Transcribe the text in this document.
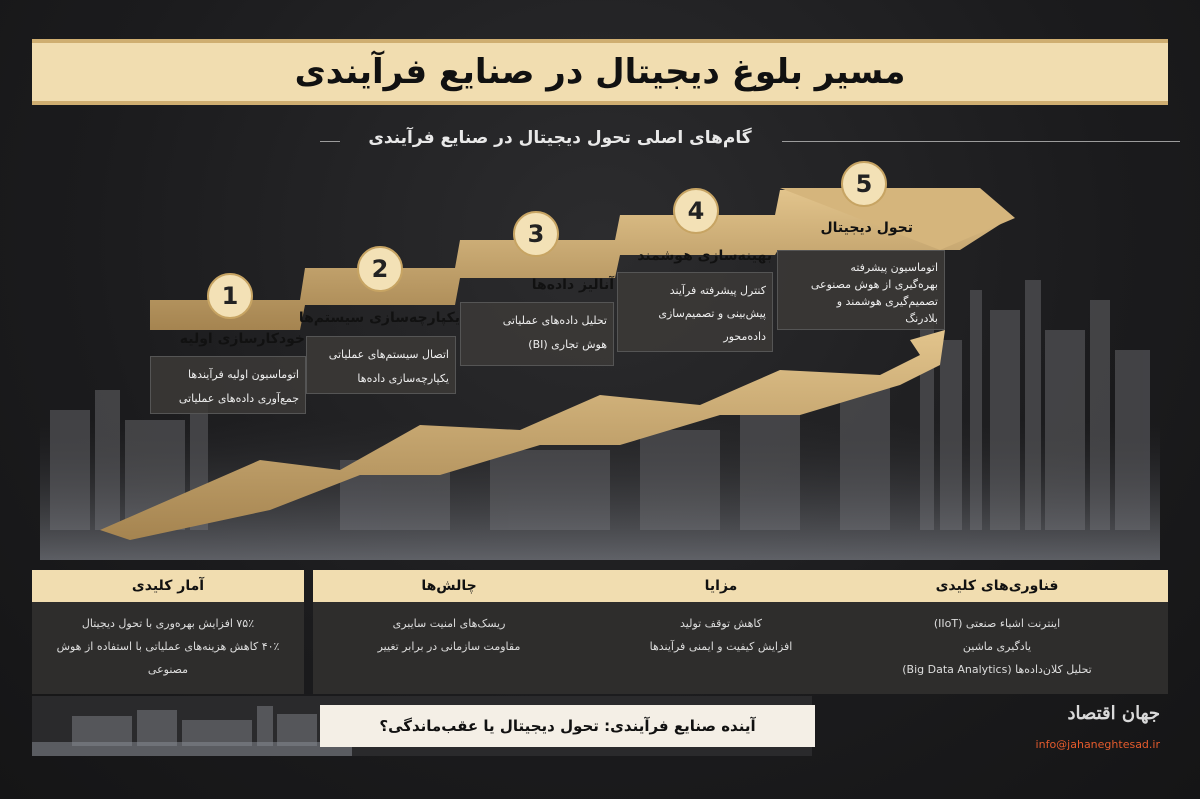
مسیر بلوغ دیجیتال در صنایع فرآیندی
گام‌های اصلی تحول دیجیتال در صنایع فرآیندی
1
خودکارسازی اولیه
اتوماسیون اولیه فرآیندها
جمع‌آوری داده‌های عملیاتی
2
یکپارچه‌سازی سیستم‌ها
اتصال سیستم‌های عملیاتی
یکپارچه‌سازی داده‌ها
3
آنالیز داده‌ها
تحلیل داده‌های عملیاتی
هوش تجاری (BI)
4
بهینه‌سازی هوشمند
کنترل پیشرفته فرآیند
پیش‌بینی و تصمیم‌سازی
داده‌محور
5
تحول دیجیتال
اتوماسیون پیشرفته
بهره‌گیری از هوش مصنوعی
تصمیم‌گیری هوشمند و
بلادرنگ
آمار کلیدی
۷۵٪ افزایش بهره‌وری با تحول دیجیتال
۴۰٪ کاهش هزینه‌های عملیاتی با استفاده از هوش مصنوعی
چالش‌ها
ریسک‌های امنیت سایبری
مقاومت سازمانی در برابر تغییر
مزایا
کاهش توقف تولید
افزایش کیفیت و ایمنی فرآیندها
فناوری‌های کلیدی
اینترنت اشیاء صنعتی (IIoT)
یادگیری ماشین
تحلیل کلان‌داده‌ها (Big Data Analytics)
آینده صنایع فرآیندی: تحول دیجیتال یا عقب‌ماندگی؟
جهان اقتصاد
info@jahaneghtesad.ir
